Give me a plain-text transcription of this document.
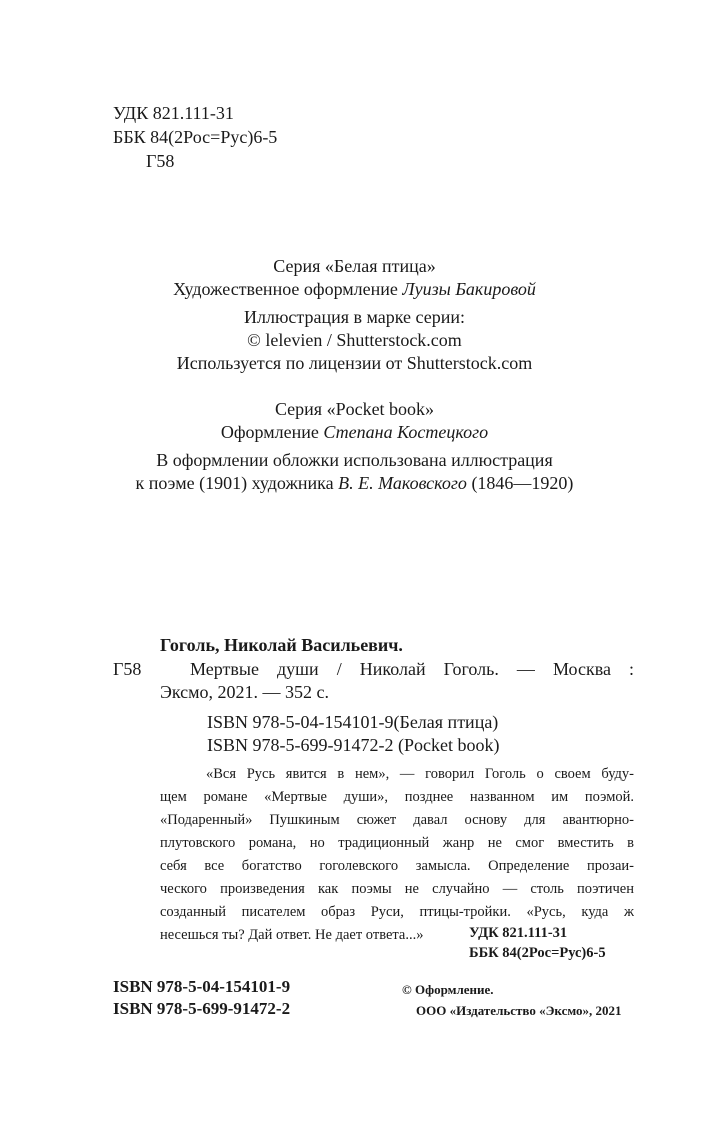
УДК 821.111-31
ББК 84(2Рос=Рус)6-5
Г58
Серия «Белая птица»
Художественное оформление Луизы Бакировой
Иллюстрация в марке серии:
© lelevien / Shutterstock.com
Используется по лицензии от Shutterstock.com
Серия «Pocket book»
Оформление Степана Костецкого
В оформлении обложки использована иллюстрация
к поэме (1901) художника В. Е. Маковского (1846—1920)
Гоголь, Николай Васильевич.
Г58	Мертвые души / Николай Гоголь. — Москва :
Эксмо, 2021. — 352 с.
ISBN 978-5-04-154101-9(Белая птица)
ISBN 978-5-699-91472-2 (Pocket book)
«Вся Русь явится в нем», — говорил Гоголь о своем буду-
щем романе «Мертвые души», позднее названном им поэмой.
«Подаренный» Пушкиным сюжет давал основу для авантюрно-
плутовского романа, но традиционный жанр не смог вместить в
себя все богатство гоголевского замысла. Определение прозаи-
ческого произведения как поэмы не случайно — столь поэтичен
созданный писателем образ Руси, птицы-тройки. «Русь, куда ж
несешься ты? Дай ответ. Не дает ответа...»	УДК 821.111-31
ББК 84(2Рос=Рус)6-5
ISBN 978-5-04-154101-9
ISBN 978-5-699-91472-2
© Оформление.
ООО «Издательство «Эксмо», 2021
